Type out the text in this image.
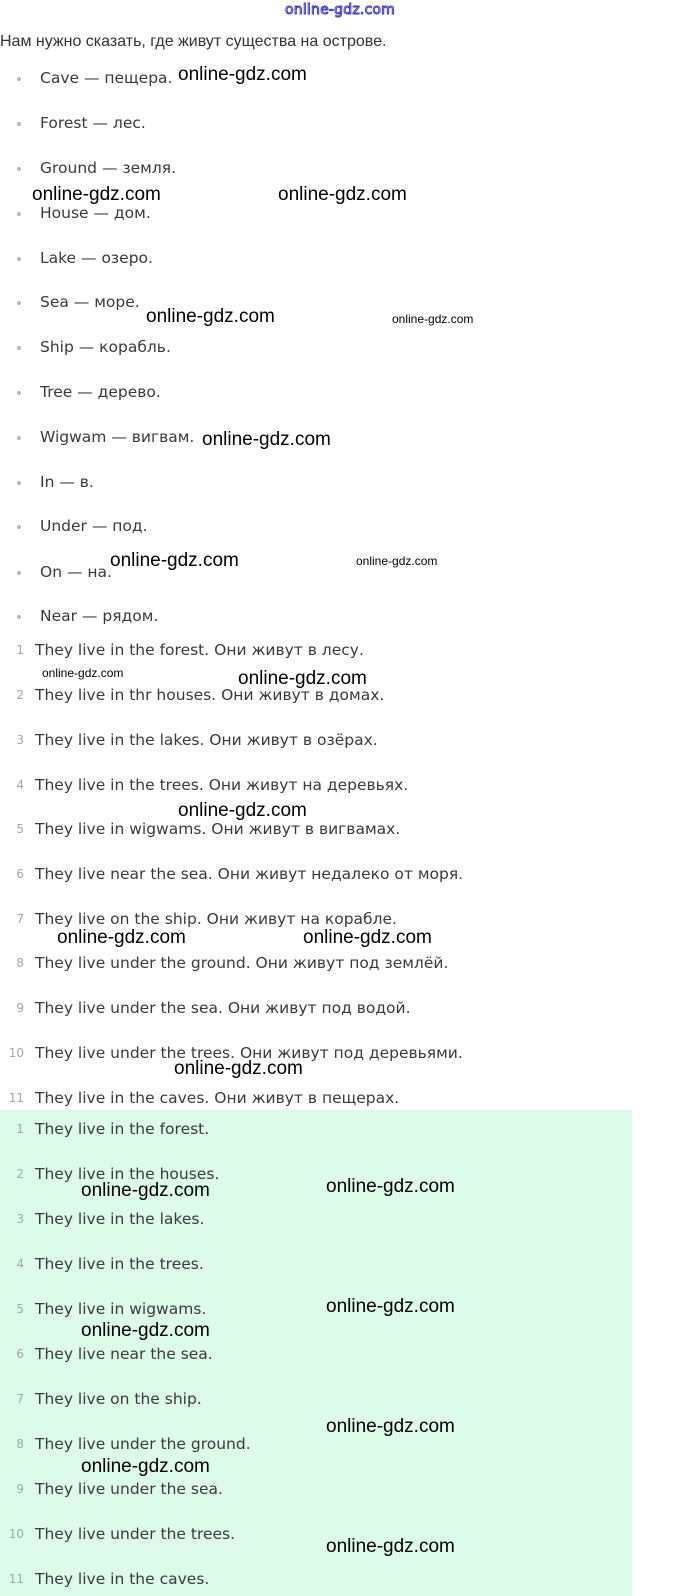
online-gdz.com
Нам нужно сказать, где живут существа на острове.
Cave — пещера.
Forest — лес.
Ground — земля.
House — дом.
Lake — озеро.
Sea — море.
Ship — корабль.
Tree — дерево.
Wigwam — вигвам.
In — в.
Under — под.
On — на.
Near — рядом.
1 They live in the forest. Они живут в лесу.
2 They live in thr houses. Они живут в домах.
3 They live in the lakes. Они живут в озёрах.
4 They live in the trees. Они живут на деревьях.
5 They live in wigwams. Они живут в вигвамах.
6 They live near the sea. Они живут недалеко от моря.
7 They live on the ship. Они живут на корабле.
8 They live under the ground. Они живут под землёй.
9 They live under the sea. Они живут под водой.
10 They live under the trees. Они живут под деревьями.
11 They live in the caves. Они живут в пещерах.
1 They live in the forest.
2 They live in the houses.
3 They live in the lakes.
4 They live in the trees.
5 They live in wigwams.
6 They live near the sea.
7 They live on the ship.
8 They live under the ground.
9 They live under the sea.
10 They live under the trees.
11 They live in the caves.
online-gdz.com
online-gdz.com	online-gdz.com
online-gdz.com	online-gdz.com
online-gdz.com
online-gdz.com	online-gdz.com
online-gdz.com	online-gdz.com
online-gdz.com
online-gdz.com	online-gdz.com
online-gdz.com
online-gdz.com	online-gdz.com
online-gdz.com
online-gdz.com
online-gdz.com
online-gdz.com
online-gdz.com
